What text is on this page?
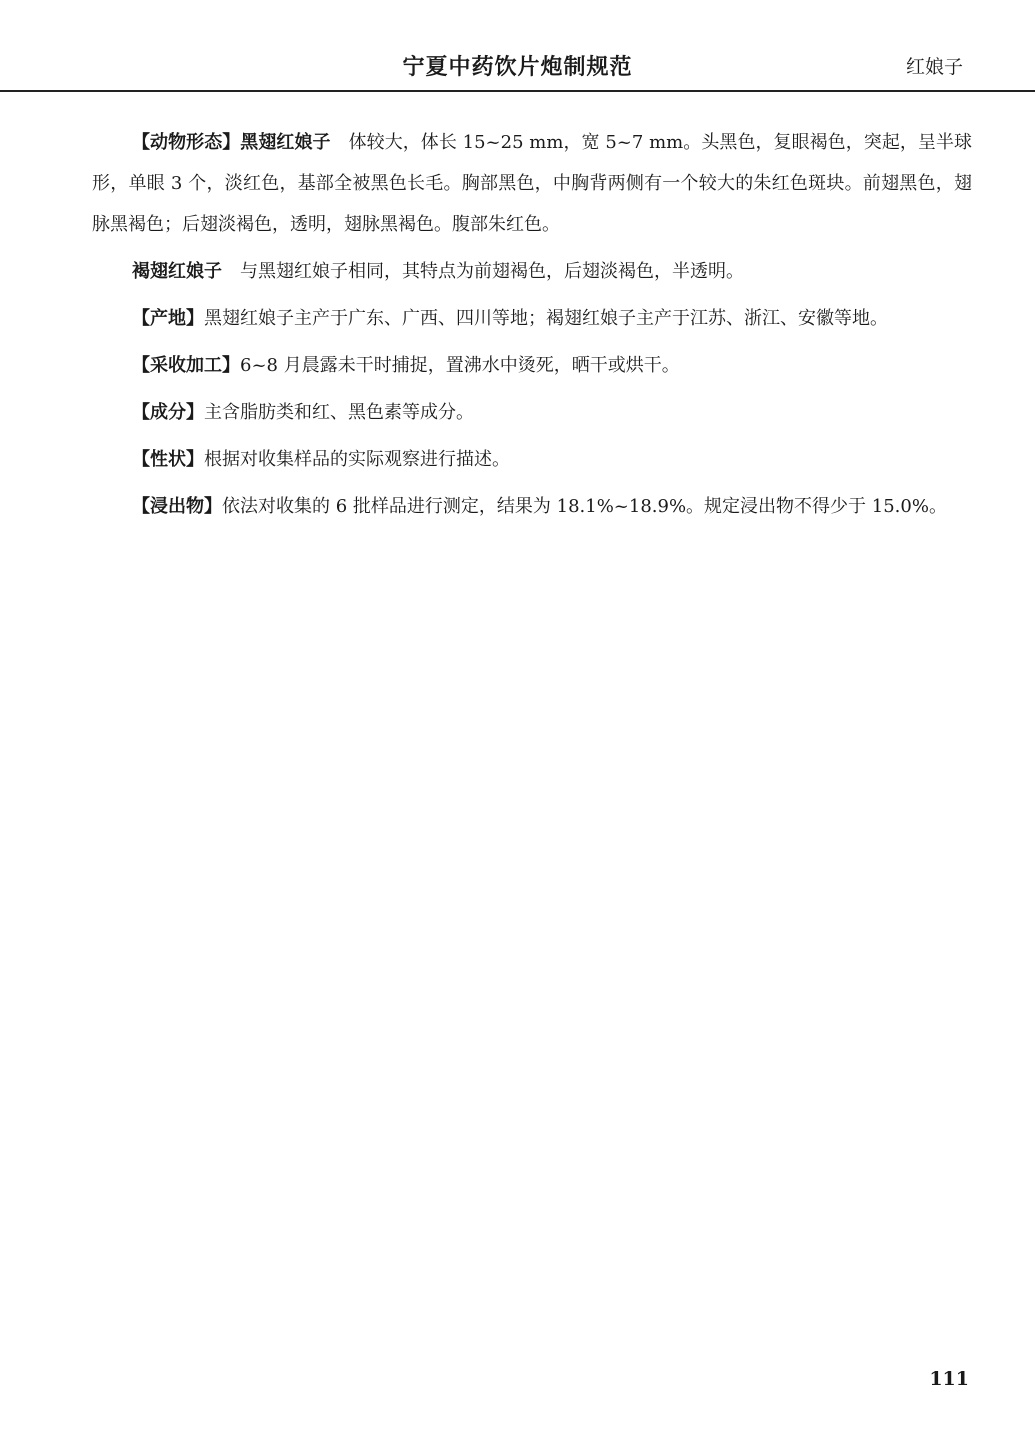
宁夏中药饮片炮制规范	红娘子

【动物形态】黑翅红娘子　体较大，体长 15~25 mm，宽 5~7 mm。头黑色，复眼褐色，突起，呈半球形，单眼 3 个，淡红色，基部全被黑色长毛。胸部黑色，中胸背两侧有一个较大的朱红色斑块。前翅黑色，翅脉黑褐色；后翅淡褐色，透明，翅脉黑褐色。腹部朱红色。

褐翅红娘子　与黑翅红娘子相同，其特点为前翅褐色，后翅淡褐色，半透明。

【产地】黑翅红娘子主产于广东、广西、四川等地；褐翅红娘子主产于江苏、浙江、安徽等地。

【采收加工】6~8 月晨露未干时捕捉，置沸水中烫死，晒干或烘干。

【成分】主含脂肪类和红、黑色素等成分。

【性状】根据对收集样品的实际观察进行描述。

【浸出物】依法对收集的 6 批样品进行测定，结果为 18.1%~18.9%。规定浸出物不得少于 15.0%。

111
